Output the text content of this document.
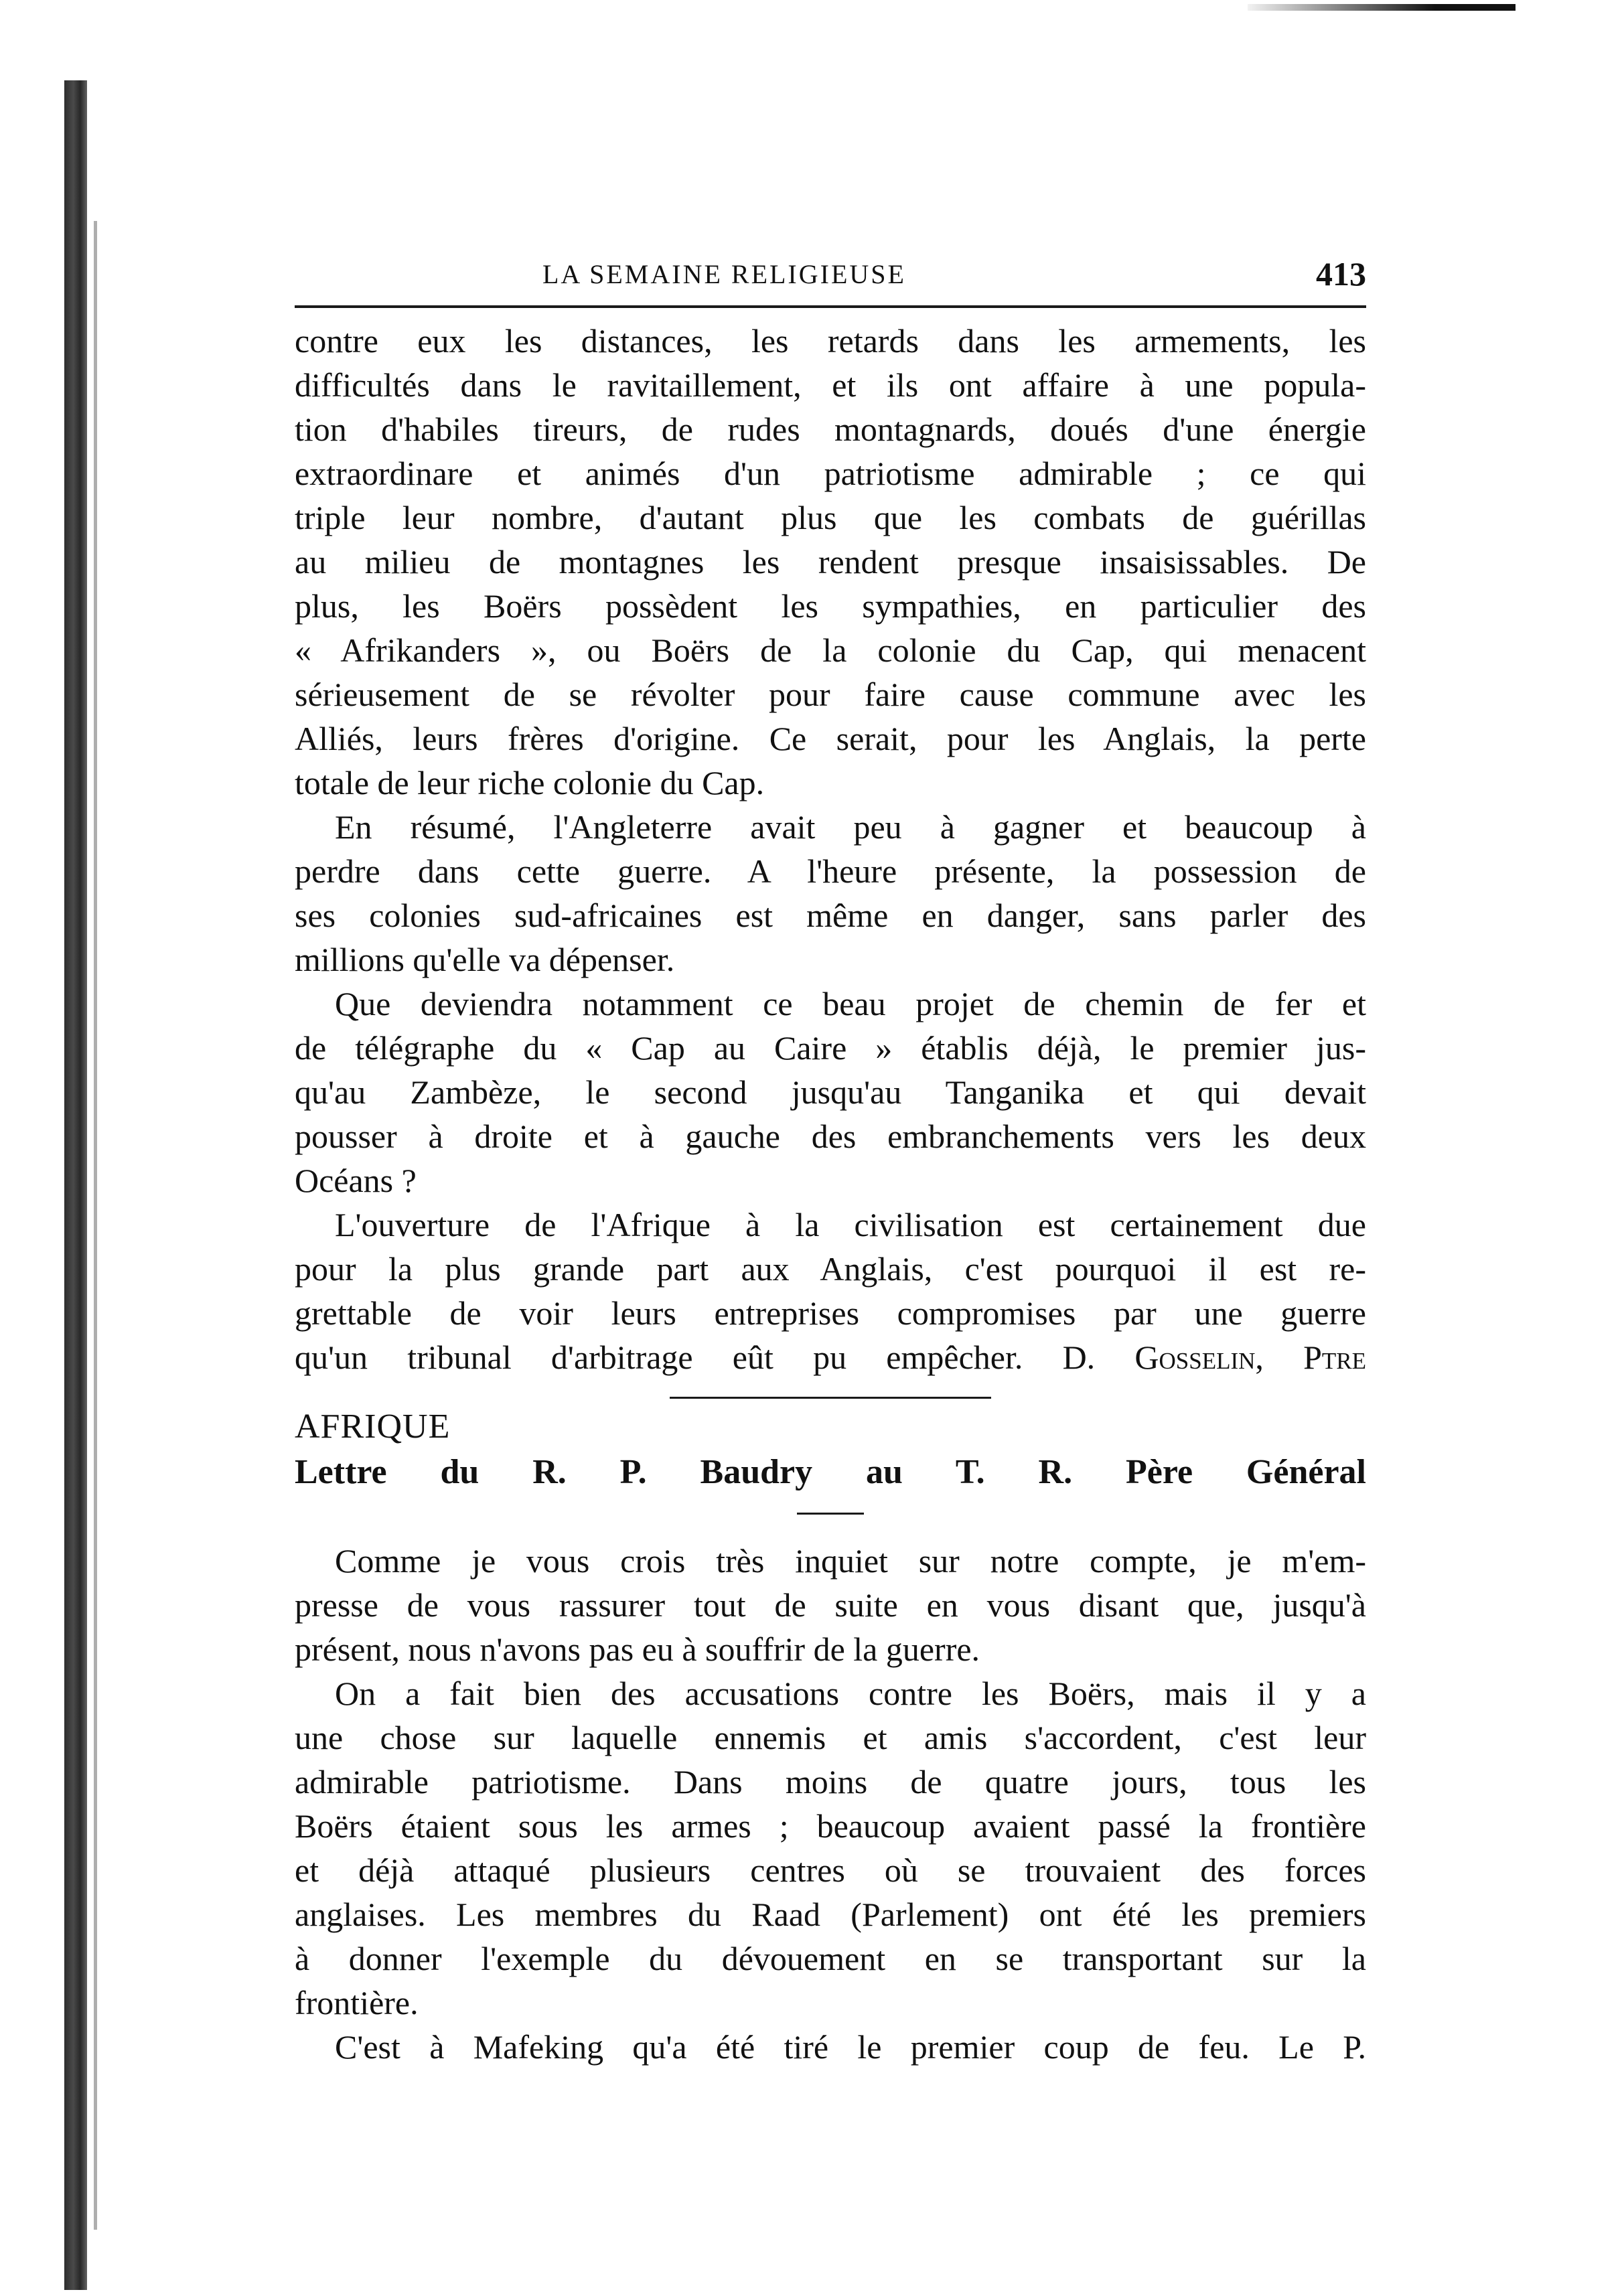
LA SEMAINE RELIGIEUSE	413

contre eux les distances, les retards dans les armements, les

difficultés dans le ravitaillement, et ils ont affaire à une popula-

tion d'habiles tireurs, de rudes montagnards, doués d'une énergie

extraordinare et animés d'un patriotisme admirable ; ce qui

triple leur nombre, d'autant plus que les combats de guérillas

au milieu de montagnes les rendent presque insaisissables. De

plus, les Boërs possèdent les sympathies, en particulier des

« Afrikanders », ou Boërs de la colonie du Cap, qui menacent

sérieusement de se révolter pour faire cause commune avec les

Alliés, leurs frères d'origine. Ce serait, pour les Anglais, la perte

totale de leur riche colonie du Cap.

En résumé, l'Angleterre avait peu à gagner et beaucoup à

perdre dans cette guerre. A l'heure présente, la possession de

ses colonies sud-africaines est même en danger, sans parler des

millions qu'elle va dépenser.

Que deviendra notamment ce beau projet de chemin de fer et

de télégraphe du « Cap au Caire » établis déjà, le premier jus-

qu'au Zambèze, le second jusqu'au Tanganika et qui devait

pousser à droite et à gauche des embranchements vers les deux

Océans ?

L'ouverture de l'Afrique à la civilisation est certainement due

pour la plus grande part aux Anglais, c'est pourquoi il est re-

grettable de voir leurs entreprises compromises par une guerre

qu'un tribunal d'arbitrage eût pu empêcher. D. Gosselin, Ptre

AFRIQUE

Lettre du R. P. Baudry au T. R. Père Général

Comme je vous crois très inquiet sur notre compte, je m'em-

presse de vous rassurer tout de suite en vous disant que, jusqu'à

présent, nous n'avons pas eu à souffrir de la guerre.

On a fait bien des accusations contre les Boërs, mais il y a

une chose sur laquelle ennemis et amis s'accordent, c'est leur

admirable patriotisme. Dans moins de quatre jours, tous les

Boërs étaient sous les armes ; beaucoup avaient passé la frontière

et déjà attaqué plusieurs centres où se trouvaient des forces

anglaises. Les membres du Raad (Parlement) ont été les premiers

à donner l'exemple du dévouement en se transportant sur la

frontière.

C'est à Mafeking qu'a été tiré le premier coup de feu. Le P.
